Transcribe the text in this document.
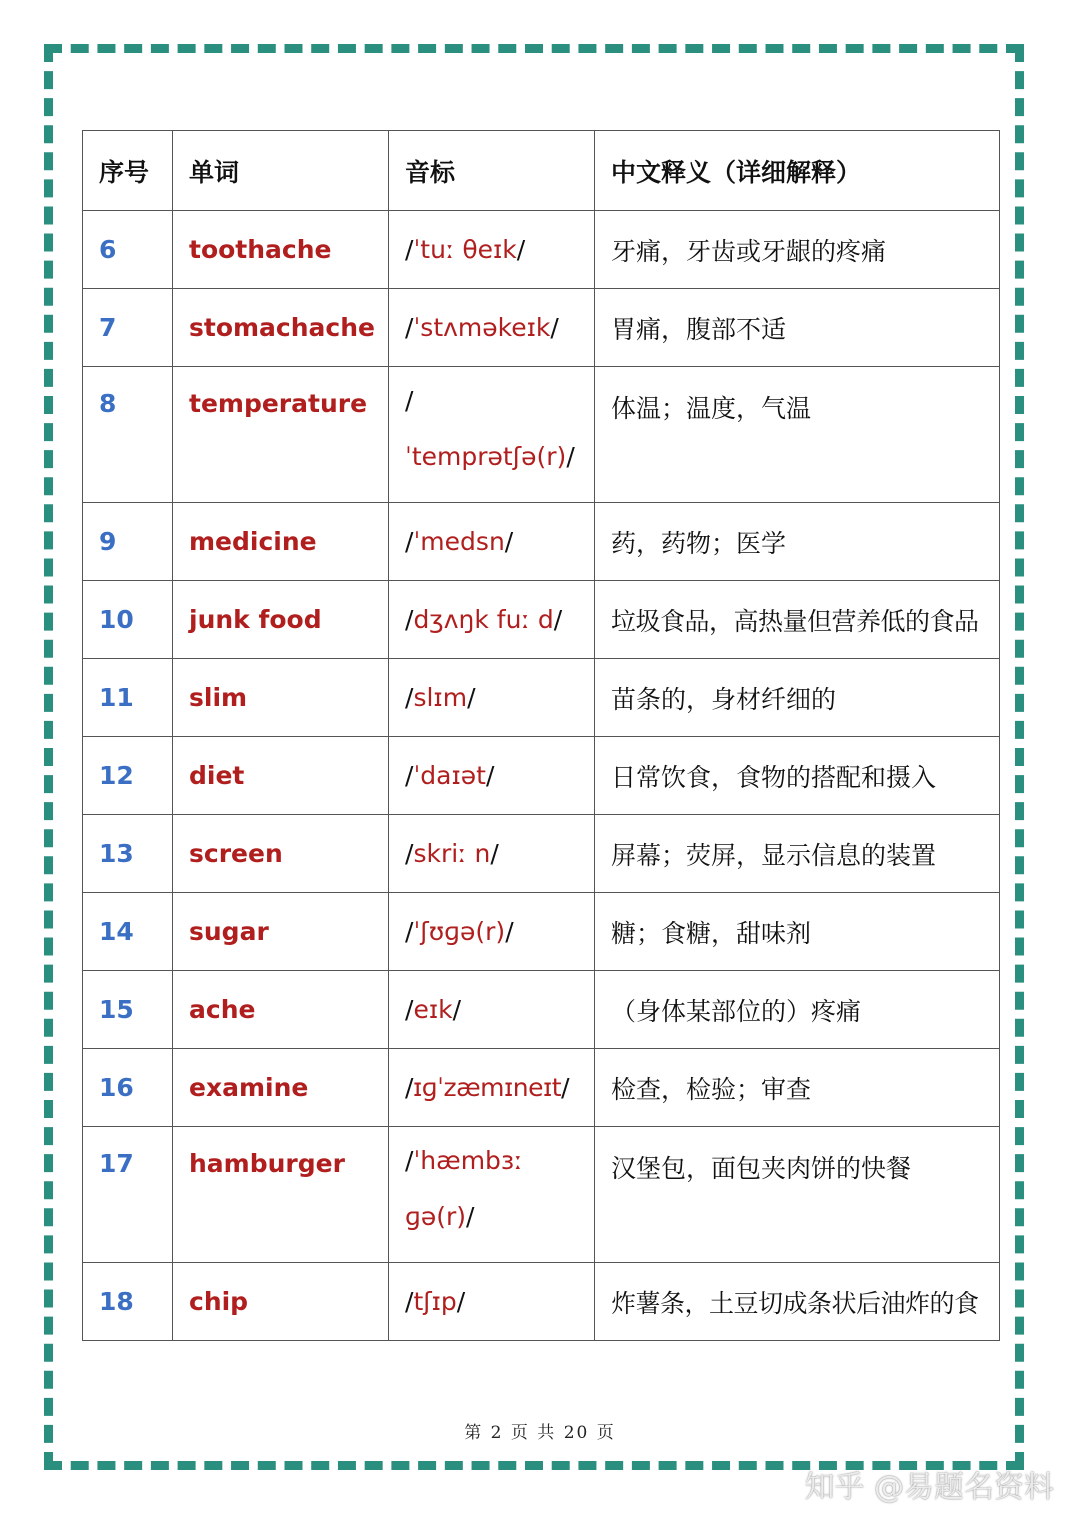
序号	单词	音标	中文释义（详细解释）
6	toothache	/ˈtuː θeɪk/	牙痛，牙齿或牙龈的疼痛
7	stomachache	/ˈstʌməkeɪk/	胃痛，腹部不适
8	temperature	/ˈtemprətʃə(r)/	体温；温度，气温
9	medicine	/ˈmedsn/	药，药物；医学
10	junk food	/dʒʌŋk fuː d/	垃圾食品，高热量但营养低的食品
11	slim	/slɪm/	苗条的，身材纤细的
12	diet	/ˈdaɪət/	日常饮食，食物的搭配和摄入
13	screen	/skriː n/	屏幕；荧屏，显示信息的装置
14	sugar	/ˈʃʊɡə(r)/	糖；食糖，甜味剂
15	ache	/eɪk/	（身体某部位的）疼痛
16	examine	/ɪɡˈzæmɪneɪt/	检查，检验；审查
17	hamburger	/ˈhæmbɜː ɡə(r)/	汉堡包，面包夹肉饼的快餐
18	chip	/tʃɪp/	炸薯条，土豆切成条状后油炸的食
第 2 页 共 20 页
知乎 @易题名资料
